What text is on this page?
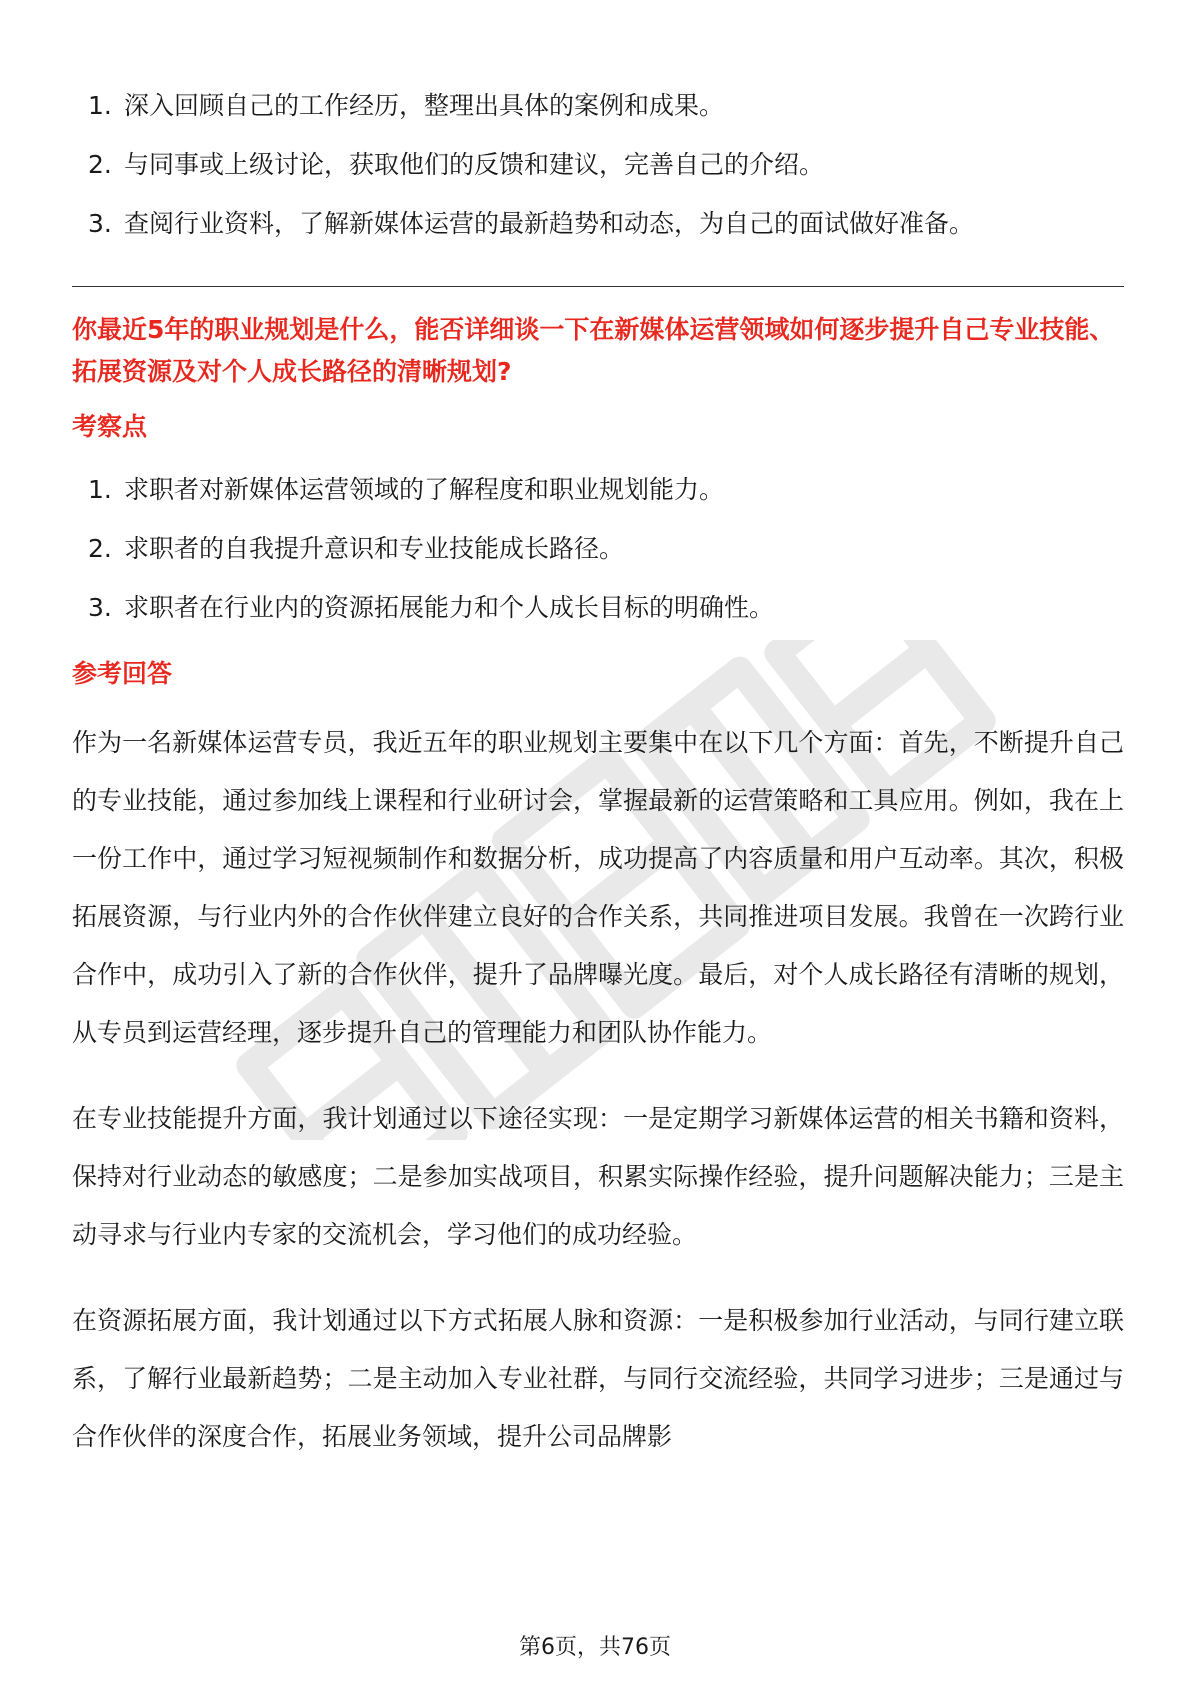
1. 深入回顾自己的工作经历，整理出具体的案例和成果。
2. 与同事或上级讨论，获取他们的反馈和建议，完善自己的介绍。
3. 查阅行业资料，了解新媒体运营的最新趋势和动态，为自己的面试做好准备。

你最近5年的职业规划是什么，能否详细谈一下在新媒体运营领域如何逐步提升自己专业技能、拓展资源及对个人成长路径的清晰规划?

考察点
1. 求职者对新媒体运营领域的了解程度和职业规划能力。
2. 求职者的自我提升意识和专业技能成长路径。
3. 求职者在行业内的资源拓展能力和个人成长目标的明确性。
参考回答

作为一名新媒体运营专员，我近五年的职业规划主要集中在以下几个方面：首先，不断提升自己的专业技能，通过参加线上课程和行业研讨会，掌握最新的运营策略和工具应用。例如，我在上一份工作中，通过学习短视频制作和数据分析，成功提高了内容质量和用户互动率。其次，积极拓展资源，与行业内外的合作伙伴建立良好的合作关系，共同推进项目发展。我曾在一次跨行业合作中，成功引入了新的合作伙伴，提升了品牌曝光度。最后，对个人成长路径有清晰的规划，从专员到运营经理，逐步提升自己的管理能力和团队协作能力。

在专业技能提升方面，我计划通过以下途径实现：一是定期学习新媒体运营的相关书籍和资料，保持对行业动态的敏感度；二是参加实战项目，积累实际操作经验，提升问题解决能力；三是主动寻求与行业内专家的交流机会，学习他们的成功经验。

在资源拓展方面，我计划通过以下方式拓展人脉和资源：一是积极参加行业活动，与同行建立联系，了解行业最新趋势；二是主动加入专业社群，与同行交流经验，共同学习进步；三是通过与合作伙伴的深度合作，拓展业务领域，提升公司品牌影

第6页，共76页
